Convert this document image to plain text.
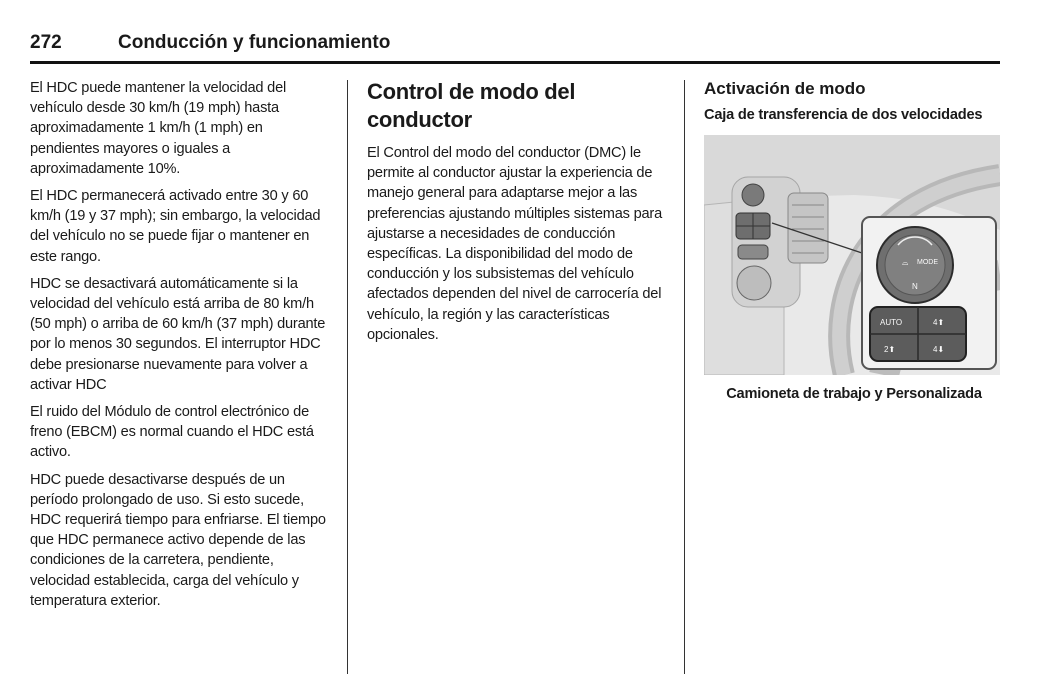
272	Conducción y funcionamiento

El HDC puede mantener la velocidad del vehículo desde 30 km/h (19 mph) hasta aproximadamente 1 km/h (1 mph) en pendientes mayores o iguales a aproximadamente 10%.

El HDC permanecerá activado entre 30 y 60 km/h (19 y 37 mph); sin embargo, la velocidad del vehículo no se puede fijar o mantener en este rango.

HDC se desactivará automáticamente si la velocidad del vehículo está arriba de 80 km/h (50 mph) o arriba de 60 km/h (37 mph) durante por lo menos 30 segundos. El interruptor HDC debe presionarse nuevamente para volver a activar HDC

El ruido del Módulo de control electrónico de freno (EBCM) es normal cuando el HDC está activo.

HDC puede desactivarse después de un período prolongado de uso. Si esto sucede, HDC requerirá tiempo para enfriarse. El tiempo que HDC permanece activo depende de las condiciones de la carretera, pendiente, velocidad establecida, carga del vehículo y temperatura exterior.

Control de modo del conductor

El Control del modo del conductor (DMC) le permite al conductor ajustar la experiencia de manejo general para adaptarse mejor a las preferencias ajustando múltiples sistemas para ajustarse a necesidades de conducción específicas. La disponibilidad del modo de conducción y los subsistemas del vehículo afectados dependen del nivel de carrocería del vehículo, la región y las características opcionales.

Activación de modo
Caja de transferencia de dos velocidades
⌓ MODE
N
AUTO	4⬆
2⬆	4⬇
Camioneta de trabajo y Personalizada
